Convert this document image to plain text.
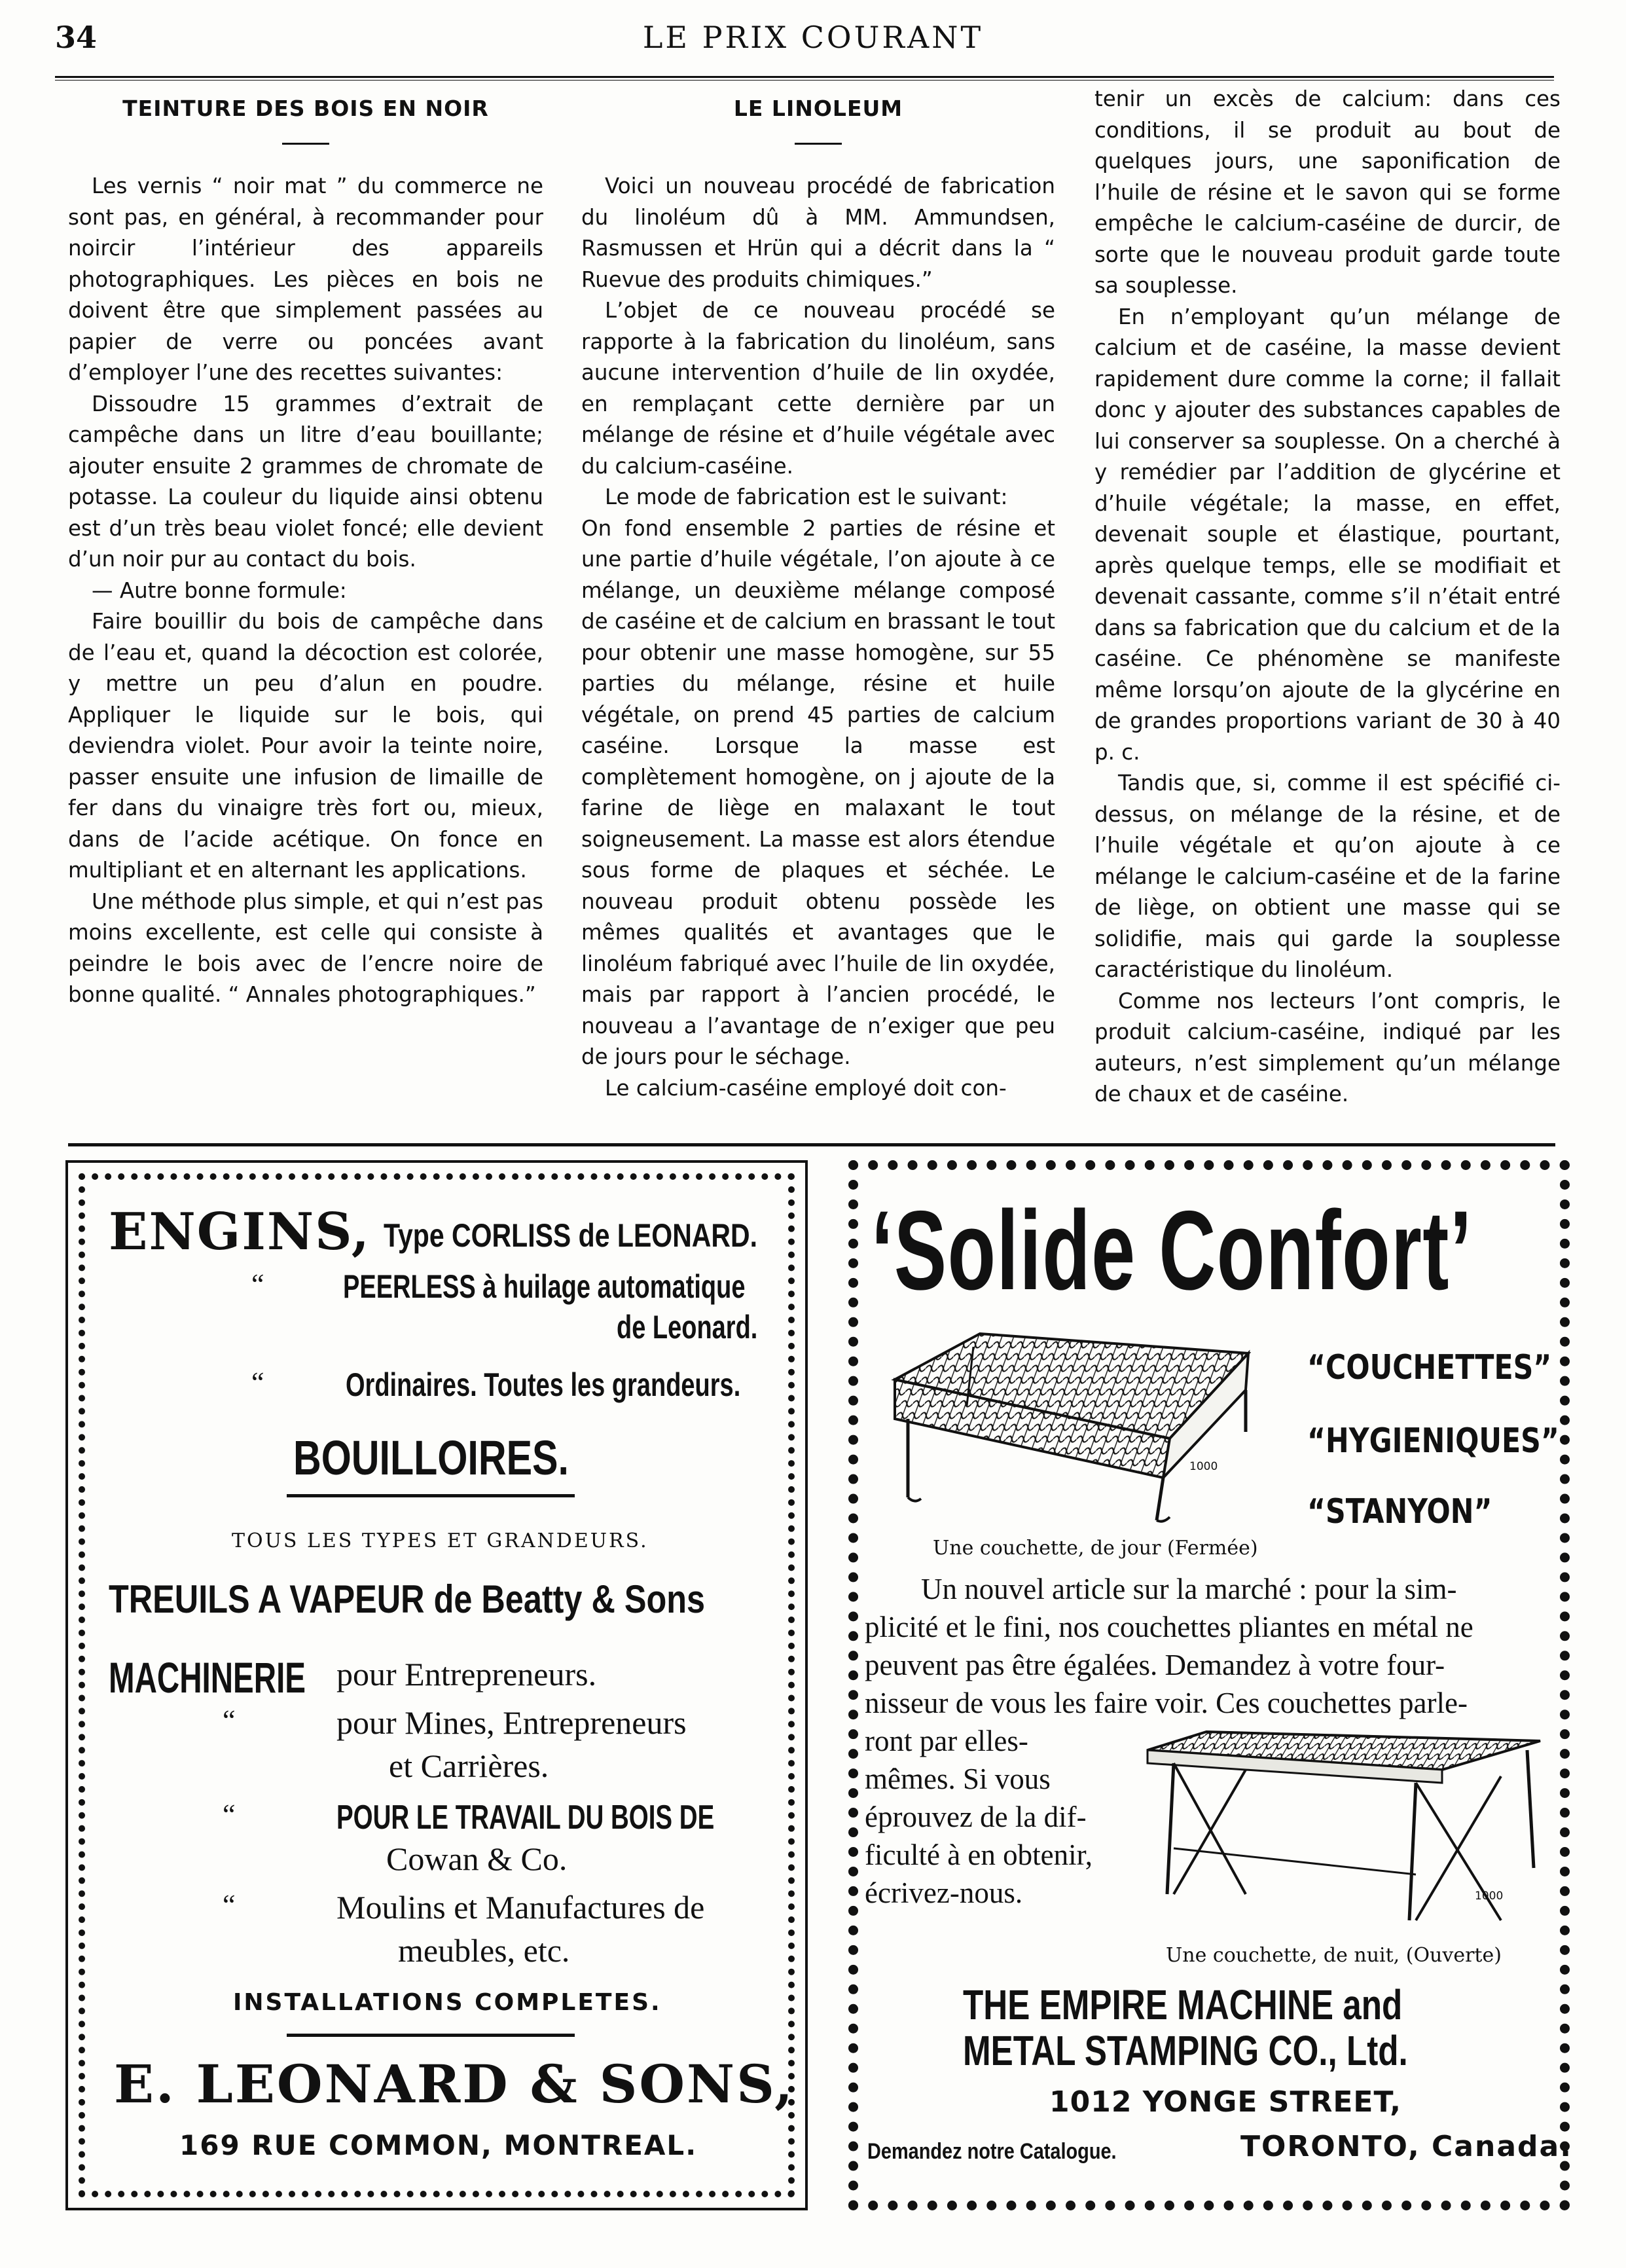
34	LE PRIX COURANT
TEINTURE DES BOIS EN NOIR

Les vernis “ noir mat ” du commerce ne sont pas, en général, à recommander pour noircir l’intérieur des appareils photographiques. Les pièces en bois ne doivent être que simplement passées au papier de verre ou poncées avant d’employer l’une des recettes suivantes:

Dissoudre 15 grammes d’extrait de campêche dans un litre d’eau bouillante; ajouter ensuite 2 grammes de chromate de potasse. La couleur du liquide ainsi obtenu est d’un très beau violet foncé; elle devient d’un noir pur au contact du bois.

— Autre bonne formule:

Faire bouillir du bois de campêche dans de l’eau et, quand la décoction est colorée, y mettre un peu d’alun en poudre. Appliquer le liquide sur le bois, qui deviendra violet. Pour avoir la teinte noire, passer ensuite une infusion de limaille de fer dans du vinaigre très fort ou, mieux, dans de l’acide acétique. On fonce en multipliant et en alternant les applications.

Une méthode plus simple, et qui n’est pas moins excellente, est celle qui consiste à peindre le bois avec de l’encre noire de bonne qualité. “ Annales photographiques.”

LE LINOLEUM

Voici un nouveau procédé de fabrication du linoléum dû à MM. Ammundsen, Rasmussen et Hrün qui a décrit dans la “ Ruevue des produits chimiques.”

L’objet de ce nouveau procédé se rapporte à la fabrication du linoléum, sans aucune intervention d’huile de lin oxydée, en remplaçant cette dernière par un mélange de résine et d’huile végétale avec du calcium-caséine.

Le mode de fabrication est le suivant:

On fond ensemble 2 parties de résine et une partie d’huile végétale, l’on ajoute à ce mélange, un deuxième mélange composé de caséine et de calcium en brassant le tout pour obtenir une masse homogène, sur 55 parties du mélange, résine et huile végétale, on prend 45 parties de calcium caséine. Lorsque la masse est complètement homogène, on j ajoute de la farine de liège en malaxant le tout soigneusement. La masse est alors étendue sous forme de plaques et séchée. Le nouveau produit obtenu possède les mêmes qualités et avantages que le linoléum fabriqué avec l’huile de lin oxydée, mais par rapport à l’ancien procédé, le nouveau a l’avantage de n’exiger que peu de jours pour le séchage.

Le calcium-caséine employé doit con-

tenir un excès de calcium: dans ces conditions, il se produit au bout de quelques jours, une saponification de l’huile de résine et le savon qui se forme empêche le calcium-caséine de durcir, de sorte que le nouveau produit garde toute sa souplesse.

En n’employant qu’un mélange de calcium et de caséine, la masse devient rapidement dure comme la corne; il fallait donc y ajouter des substances capables de lui conserver sa souplesse. On a cherché à y remédier par l’addition de glycérine et d’huile végétale; la masse, en effet, devenait souple et élastique, pourtant, après quelque temps, elle se modifiait et devenait cassante, comme s’il n’était entré dans sa fabrication que du calcium et de la caséine. Ce phénomène se manifeste même lorsqu’on ajoute de la glycérine en de grandes proportions variant de 30 à 40 p. c.

Tandis que, si, comme il est spécifié ci-dessus, on mélange de la résine, et de l’huile végétale et qu’on ajoute à ce mélange le calcium-caséine et de la farine de liège, on obtient une masse qui se solidifie, mais qui garde la souplesse caractéristique du linoléum.

Comme nos lecteurs l’ont compris, le produit calcium-caséine, indiqué par les auteurs, n’est simplement qu’un mélange de chaux et de caséine.

ENGINS, Type CORLISS de LEONARD.
“ PEERLESS à huilage automatique
de Leonard.
“ Ordinaires. Toutes les grandeurs.
BOUILLOIRES.
TOUS LES TYPES ET GRANDEURS.
TREUILS A VAPEUR de Beatty & Sons
MACHINERIE pour Entrepreneurs.
“	pour Mines, Entrepreneurs
et Carrières.
“	POUR LE TRAVAIL DU BOIS DE
Cowan & Co.
“	Moulins et Manufactures de
meubles, etc.
INSTALLATIONS COMPLETES.
E. LEONARD & SONS,
169 RUE COMMON, MONTREAL.
‘Solide Confort’
1000
“COUCHETTES”
“HYGIENIQUES”
“STANYON”
Une couchette, de jour (Fermée)
Un nouvel article sur la marché : pour la sim-
plicité et le fini, nos couchettes pliantes en métal ne
peuvent pas être égalées. Demandez à votre four-
nisseur de vous les faire voir. Ces couchettes parle-
ront par elles-
mêmes. Si vous
éprouvez de la dif-
ficulté à en obtenir,
écrivez-nous.	1000
Une couchette, de nuit, (Ouverte)
THE EMPIRE MACHINE and
METAL STAMPING CO., Ltd.
1012 YONGE STREET,
Demandez notre Catalogue.	TORONTO, Canada.
